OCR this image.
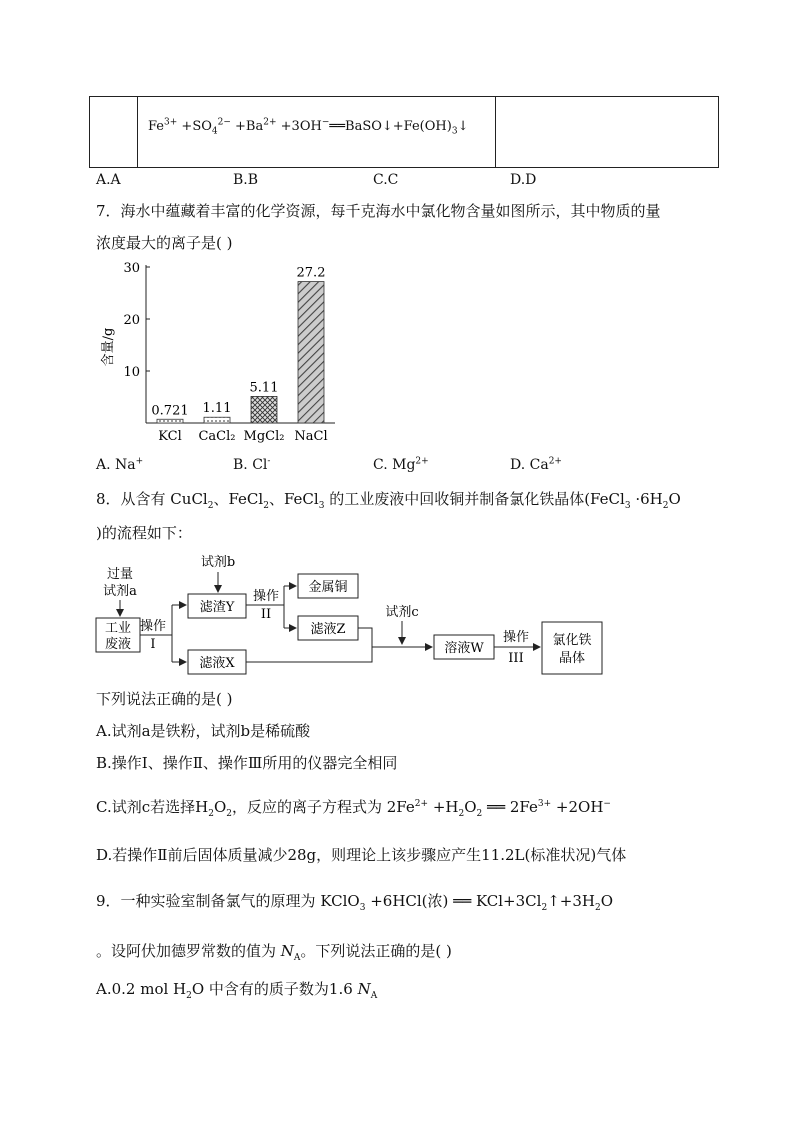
$Fe^{3+} +SO_4^{2-} +Ba^{2+}$ $+3OH^-══BaSO↓+Fe(OH)_3↓$
A.A	B.B	C.C	D.D
7．海水中蕴藏着丰富的化学资源，每千克海水中氯化物含量如图所示，其中物质的量
浓度最大的离子是( )
含量/g
10
20
30
0.721
KCl
1.11
CaCl₂
5.11
MgCl₂
27.2
NaCl
A. Na+	B. Cl-	C. $Mg^{2+}$	D. $Ca^{2+}$
8．从含有 CuCl$_2$、FeCl$_2$、FeCl$_3$ 的工业废液中回收铜并制备氯化铁晶体(FeCl$_3$ $\cdot 6H_2O$
)的流程如下：
过量
试剂a
工业
废液
操作
I
滤渣Y
试剂b
操作
II
金属铜
滤液Z
滤液X
试剂c
溶液W
操作
III
氯化铁
晶体
下列说法正确的是( )
A.试剂a是铁粉，试剂b是稀硫酸
B.操作Ⅰ、操作Ⅱ、操作Ⅲ所用的仪器完全相同
C.试剂c若选择$H_2O_2$，反应的离子方程式为 $2Fe^{2+} +H_2O_2$ ══ $2Fe^{3+} +2OH^-$
D.若操作Ⅱ前后固体质量减少28g，则理论上该步骤应产生11.2L(标准状况)气体
9．一种实验室制备氯气的原理为 KClO$_3$ +6HCl(浓) ══ $KCl+3Cl_2↑+3H_2O$
。设阿伏加德罗常数的值为 $N_A$。下列说法正确的是( )
A.0.2 mol $H_2O$ 中含有的质子数为1.6 $N_A$
